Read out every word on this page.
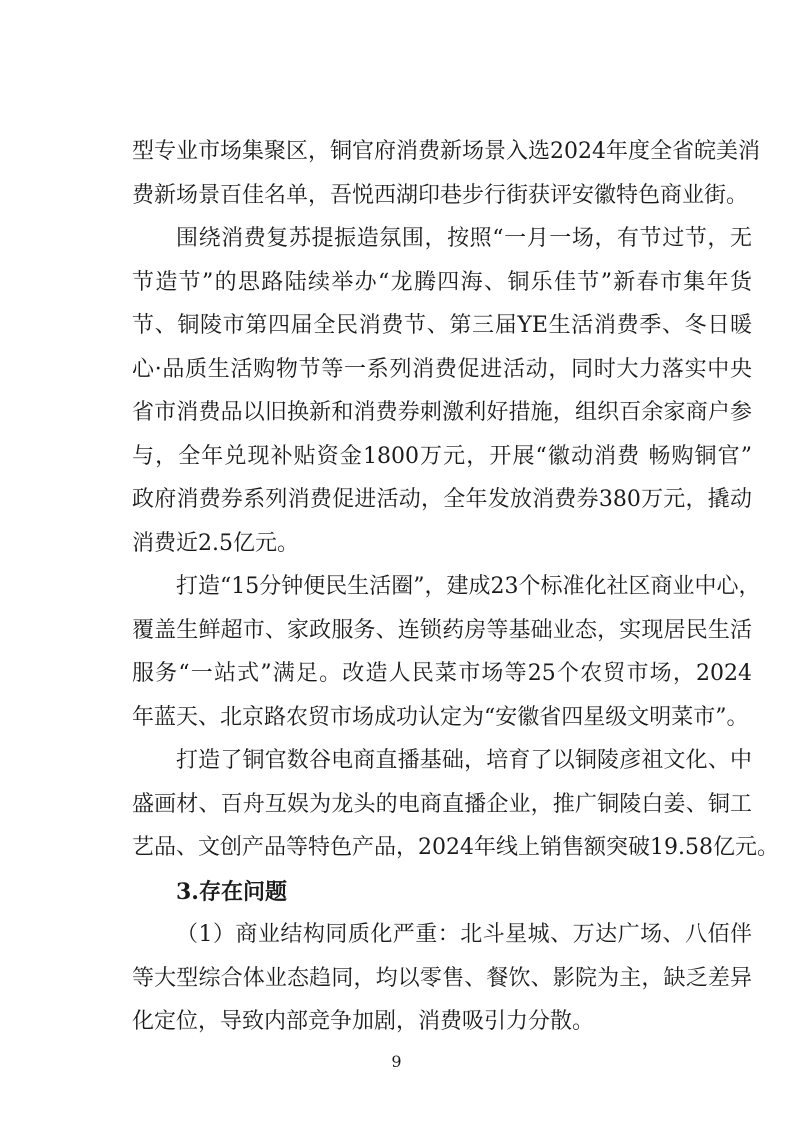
型专业市场集聚区，铜官府消费新场景入选2024年度全省皖美消
费新场景百佳名单，吾悦西湖印巷步行街获评安徽特色商业街。
围绕消费复苏提振造氛围，按照“一月一场，有节过节，无
节造节”的思路陆续举办“龙腾四海、铜乐佳节”新春市集年货
节、铜陵市第四届全民消费节、第三届YE生活消费季、冬日暖
心·品质生活购物节等一系列消费促进活动，同时大力落实中央
省市消费品以旧换新和消费券刺激利好措施，组织百余家商户参
与，全年兑现补贴资金1800万元，开展“徽动消费 畅购铜官”
政府消费券系列消费促进活动，全年发放消费券380万元，撬动
消费近2.5亿元。
打造“15分钟便民生活圈”，建成23个标准化社区商业中心，
覆盖生鲜超市、家政服务、连锁药房等基础业态，实现居民生活
服务“一站式”满足。改造人民菜市场等25个农贸市场，2024
年蓝天、北京路农贸市场成功认定为“安徽省四星级文明菜市”。
打造了铜官数谷电商直播基础，培育了以铜陵彦祖文化、中
盛画材、百舟互娱为龙头的电商直播企业，推广铜陵白姜、铜工
艺品、文创产品等特色产品，2024年线上销售额突破19.58亿元。
3.存在问题
（1）商业结构同质化严重：北斗星城、万达广场、八佰伴
等大型综合体业态趋同，均以零售、餐饮、影院为主，缺乏差异
化定位，导致内部竞争加剧，消费吸引力分散。
9
